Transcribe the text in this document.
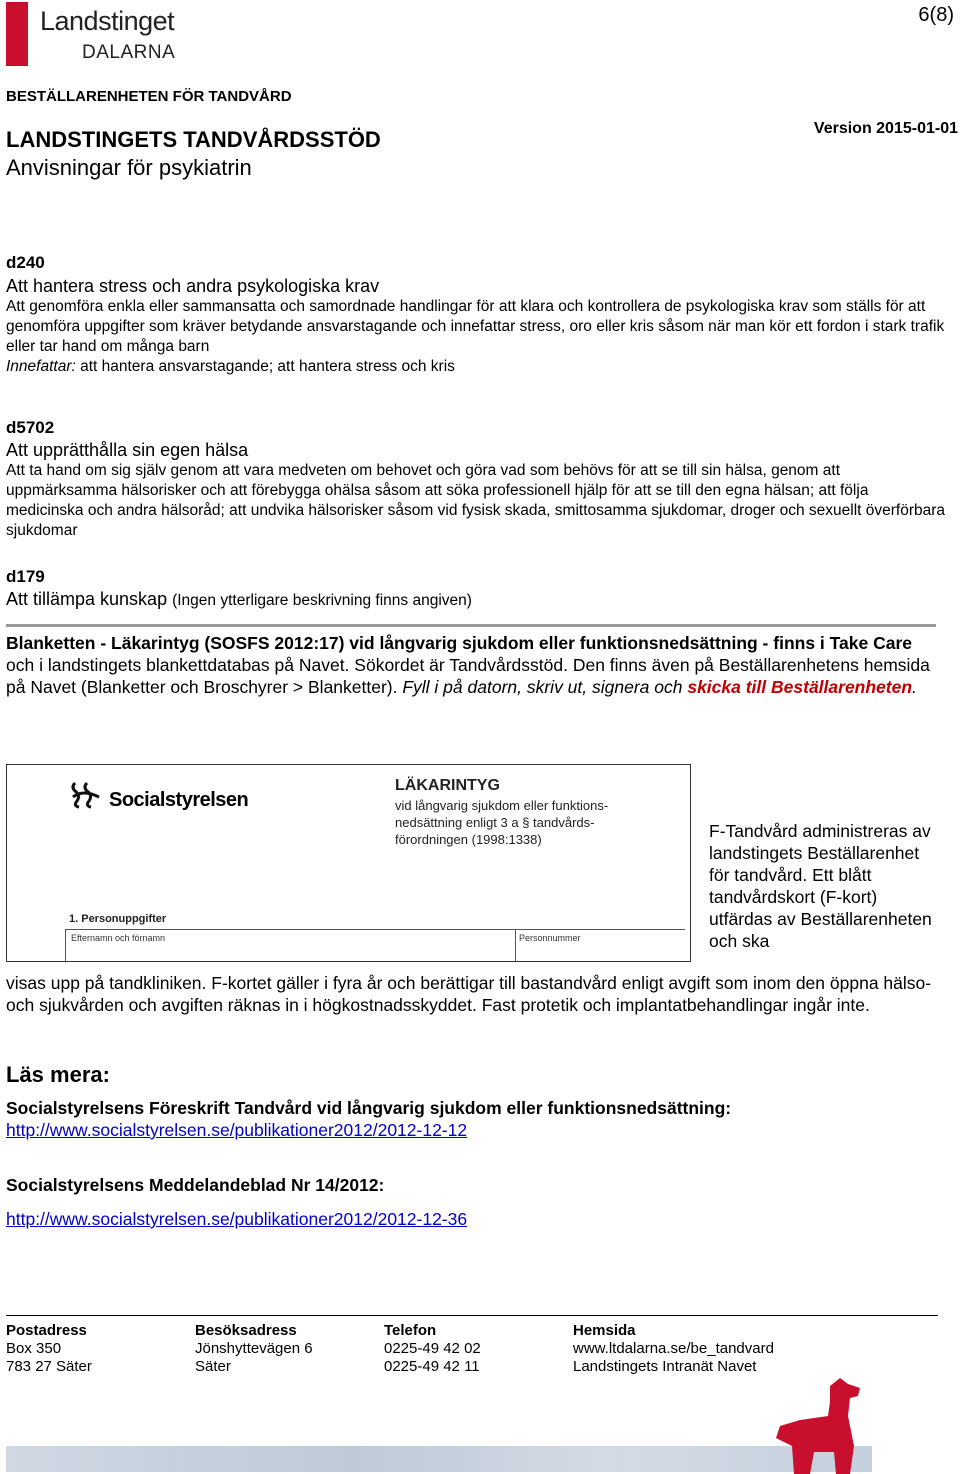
Landstinget
DALARNA
6(8)
BESTÄLLARENHETEN FÖR TANDVÅRD
LANDSTINGETS TANDVÅRDSSTÖD
Anvisningar för psykiatrin
Version 2015-01-01
d240
Att hantera stress och andra psykologiska krav
Att genomföra enkla eller sammansatta och samordnade handlingar för att klara och kontrollera de psykologiska krav som ställs för att genomföra uppgifter som kräver betydande ansvarstagande och innefattar stress, oro eller kris såsom när man kör ett fordon i stark trafik eller tar hand om många barn
Innefattar: att hantera ansvarstagande; att hantera stress och kris
d5702
Att upprätthålla sin egen hälsa
Att ta hand om sig själv genom att vara medveten om behovet och göra vad som behövs för att se till sin hälsa, genom att uppmärksamma hälsorisker och att förebygga ohälsa såsom att söka professionell hjälp för att se till den egna hälsan; att följa medicinska och andra hälsoråd; att undvika hälsorisker såsom vid fysisk skada, smittosamma sjukdomar, droger och sexuellt överförbara sjukdomar
d179
Att tillämpa kunskap (Ingen ytterligare beskrivning finns angiven)
Blanketten - Läkarintyg (SOSFS 2012:17) vid långvarig sjukdom eller funktionsnedsättning - finns i Take Care och i landstingets blankettdatabas på Navet. Sökordet är Tandvårdsstöd. Den finns även på Beställarenhetens hemsida på Navet (Blanketter och Broschyrer > Blanketter). Fyll i på datorn, skriv ut, signera och skicka till Beställarenheten.
Socialstyrelsen
LÄKARINTYG
vid långvarig sjukdom eller funktions-nedsättning enligt 3 a § tandvårds-förordningen (1998:1338)
1. Personuppgifter
Efternamn och förnamn	Personnummer
F-Tandvård administreras av landstingets Beställarenhet för tandvård. Ett blått tandvårdskort (F-kort) utfärdas av Beställarenheten och ska
visas upp på tandkliniken. F-kortet gäller i fyra år och berättigar till bastandvård enligt avgift som inom den öppna hälso- och sjukvården och avgiften räknas in i högkostnadsskyddet. Fast protetik och implantatbehandlingar ingår inte.
Läs mera:
Socialstyrelsens Föreskrift Tandvård vid långvarig sjukdom eller funktionsnedsättning:
http://www.socialstyrelsen.se/publikationer2012/2012-12-12
Socialstyrelsens Meddelandeblad Nr 14/2012:
http://www.socialstyrelsen.se/publikationer2012/2012-12-36
Postadress
Box 350
783 27 Säter
Besöksadress
Jönshyttevägen 6
Säter
Telefon
0225-49 42 02
0225-49 42 11
Hemsida
www.ltdalarna.se/be_tandvard
Landstingets Intranät Navet
